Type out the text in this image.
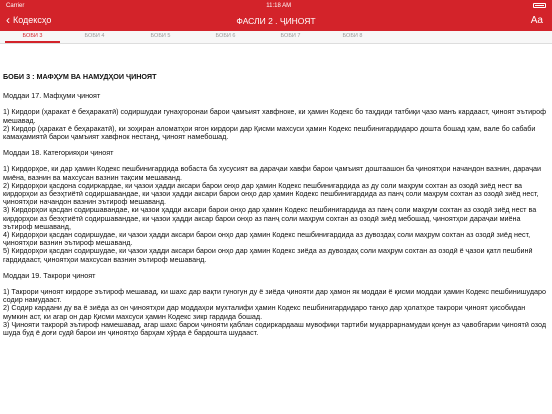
Carrier	11:18 AM
‹ Кодексҳо	ФАСЛИ 2 . ҶИНОЯТ	Aa
БОБИ 3	БОБИ 4	БОБИ 5	БОБИ 6	БОБИ 7	БОБИ 8

БОБИ 3 : МАФҲУМ ВА НАМУДҲОИ ҶИНОЯТ

Моддаи 17. Мафҳуми ҷиноят

1) Кирдори (ҳаракат ё беҳаракатӣ) содиршудаи гунаҳгоронаи барои ҷамъият хавфноке, ки ҳамин Кодекс бо таҳдиди татбиқи ҷазо манъ кардааст, ҷиноят эътироф мешавад.

2) Кирдор (ҳаракат ё беҳаракатӣ), ки зоҳиран аломатҳои ягон кирдори дар Қисми махсуси ҳамин Кодекс пешбинигардидаро дошта бошад ҳам, вале бо сабаби камаҳамиятӣ барои ҷамъият хавфнок нестанд, ҷиноят намебошад.

Моддаи 18. Категорияҳои ҷиноят

1) Кирдорҳое, ки дар ҳамин Кодекс пешбинигардида вобаста ба хусусият ва дараҷаи хавфи барои ҷамъият доштаашон ба ҷиноятҳои начандон вазнин, дараҷаи миёна, вазнин ва махсусан вазнин тақсим мешаванд.

2) Кирдорҳои қасдона содиркардае, ки ҷазои ҳадди аксари барои онҳо дар ҳамин Кодекс пешбинигардида аз ду соли маҳрум сохтан аз озодӣ зиёд нест ва кирдорҳои аз беэҳтиётӣ содиршавандае, ки ҷазои ҳадди аксари барои онҳо дар ҳамин Кодекс пешбинигардида аз панҷ соли маҳрум сохтан аз озодӣ зиёд нест, ҷиноятҳои начандон вазнин эътироф мешаванд.

3) Кирдорҳои қасдан содиршавандае, ки ҷазои ҳадди аксари барои онҳо дар ҳамин Кодекс пешбинигардида аз панҷ соли маҳрум сохтан аз озодӣ зиёд нест ва кирдорҳои аз беэҳтиётӣ содиршавандае, ки ҷазои ҳадди аксар барои онҳо аз панҷ соли маҳрум сохтан аз озодӣ зиёд мебошад, ҷиноятҳои дараҷаи миёна эътироф мешаванд,

4) Кирдорҳои қасдан содиршудае, ки ҷазои ҳадди аксари барои онҳо дар ҳамин Кодекс пешбинигардида аз дувоздаҳ соли маҳрум сохтан аз озодӣ зиёд нест, ҷиноятҳои вазнин эътироф мешаванд.

5) Кирдорҳои қасдан содиршудае, ки ҷазои ҳадди аксари барои онҳо дар ҳамин Кодекс зиёда аз дувоздаҳ соли маҳрум сохтан аз озодӣ ё ҷазои қатл пешбинӣ гардидааст, ҷиноятҳои махсусан вазнин эътироф мешаванд.

Моддаи 19. Такрори ҷиноят

1) Такрори ҷиноят кирдоре эътироф мешавад, ки шахс дар вақти гуногун ду ё зиёда ҷинояти дар ҳамон як моддаи ё қисми моддаи ҳамин Кодекс пешбинишударо содир намудааст.

2) Содир кардани ду ва ё зиёда аз он ҷиноятҳои дар моддаҳои мухталифи ҳамин Кодекс пешбинигардидаро танҳо дар ҳолатҳое такрори ҷиноят ҳисобидан мумкин аст, ки агар он дар Қисми махсуси ҳамин Кодекс зикр гардида бошад.

3) Ҷинояти такрорӣ эътироф намешавад, агар шахс барои ҷинояти қаблан содиркардааш мувофиқи тартиби муқаррарнамудаи қонун аз ҷавобгарии ҷиноятӣ озод шуда буд ё доғи судӣ барои ин ҷиноятҳо барҳам хӯрда ё бардошта шудааст.
